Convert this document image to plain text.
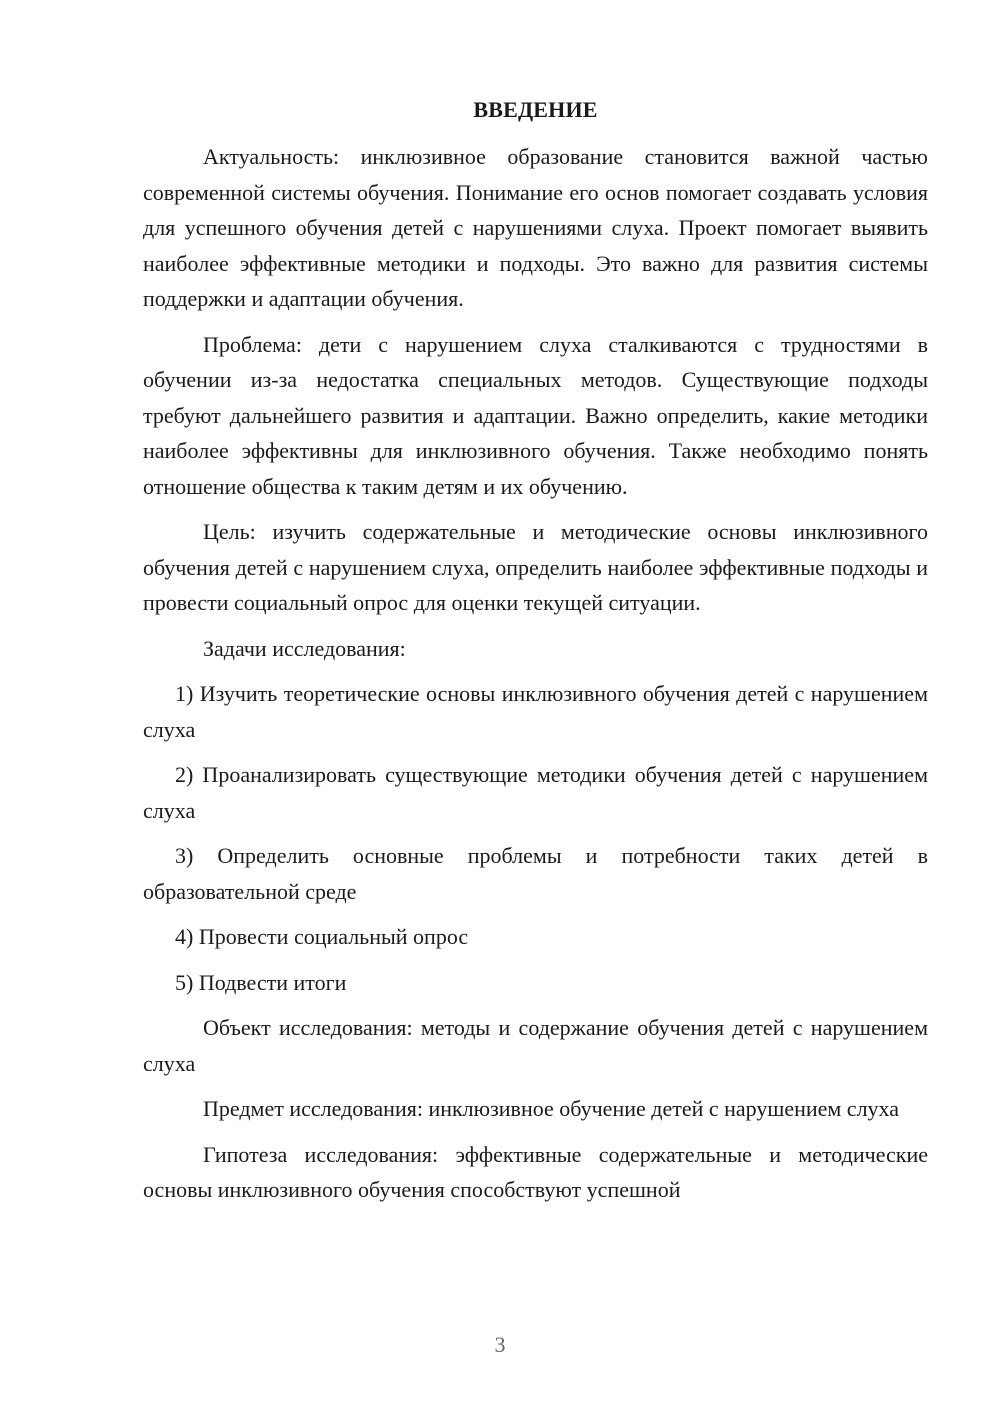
ВВЕДЕНИЕ

Актуальность: инклюзивное образование становится важной частью современной системы обучения. Понимание его основ помогает создавать условия для успешного обучения детей с нарушениями слуха. Проект помогает выявить наиболее эффективные методики и подходы. Это важно для развития системы поддержки и адаптации обучения.

Проблема: дети с нарушением слуха сталкиваются с трудностями в обучении из-за недостатка специальных методов. Существующие подходы требуют дальнейшего развития и адаптации. Важно определить, какие методики наиболее эффективны для инклюзивного обучения. Также необходимо понять отношение общества к таким детям и их обучению.

Цель: изучить содержательные и методические основы инклюзивного обучения детей с нарушением слуха, определить наиболее эффективные подходы и провести социальный опрос для оценки текущей ситуации.

Задачи исследования:

1) Изучить теоретические основы инклюзивного обучения детей с нарушением слуха

2) Проанализировать существующие методики обучения детей с нарушением слуха

3) Определить основные проблемы и потребности таких детей в образовательной среде

4) Провести социальный опрос

5) Подвести итоги

Объект исследования: методы и содержание обучения детей с нарушением слуха

Предмет исследования: инклюзивное обучение детей с нарушением слуха

Гипотеза исследования: эффективные содержательные и методические основы инклюзивного обучения способствуют успешной

3
